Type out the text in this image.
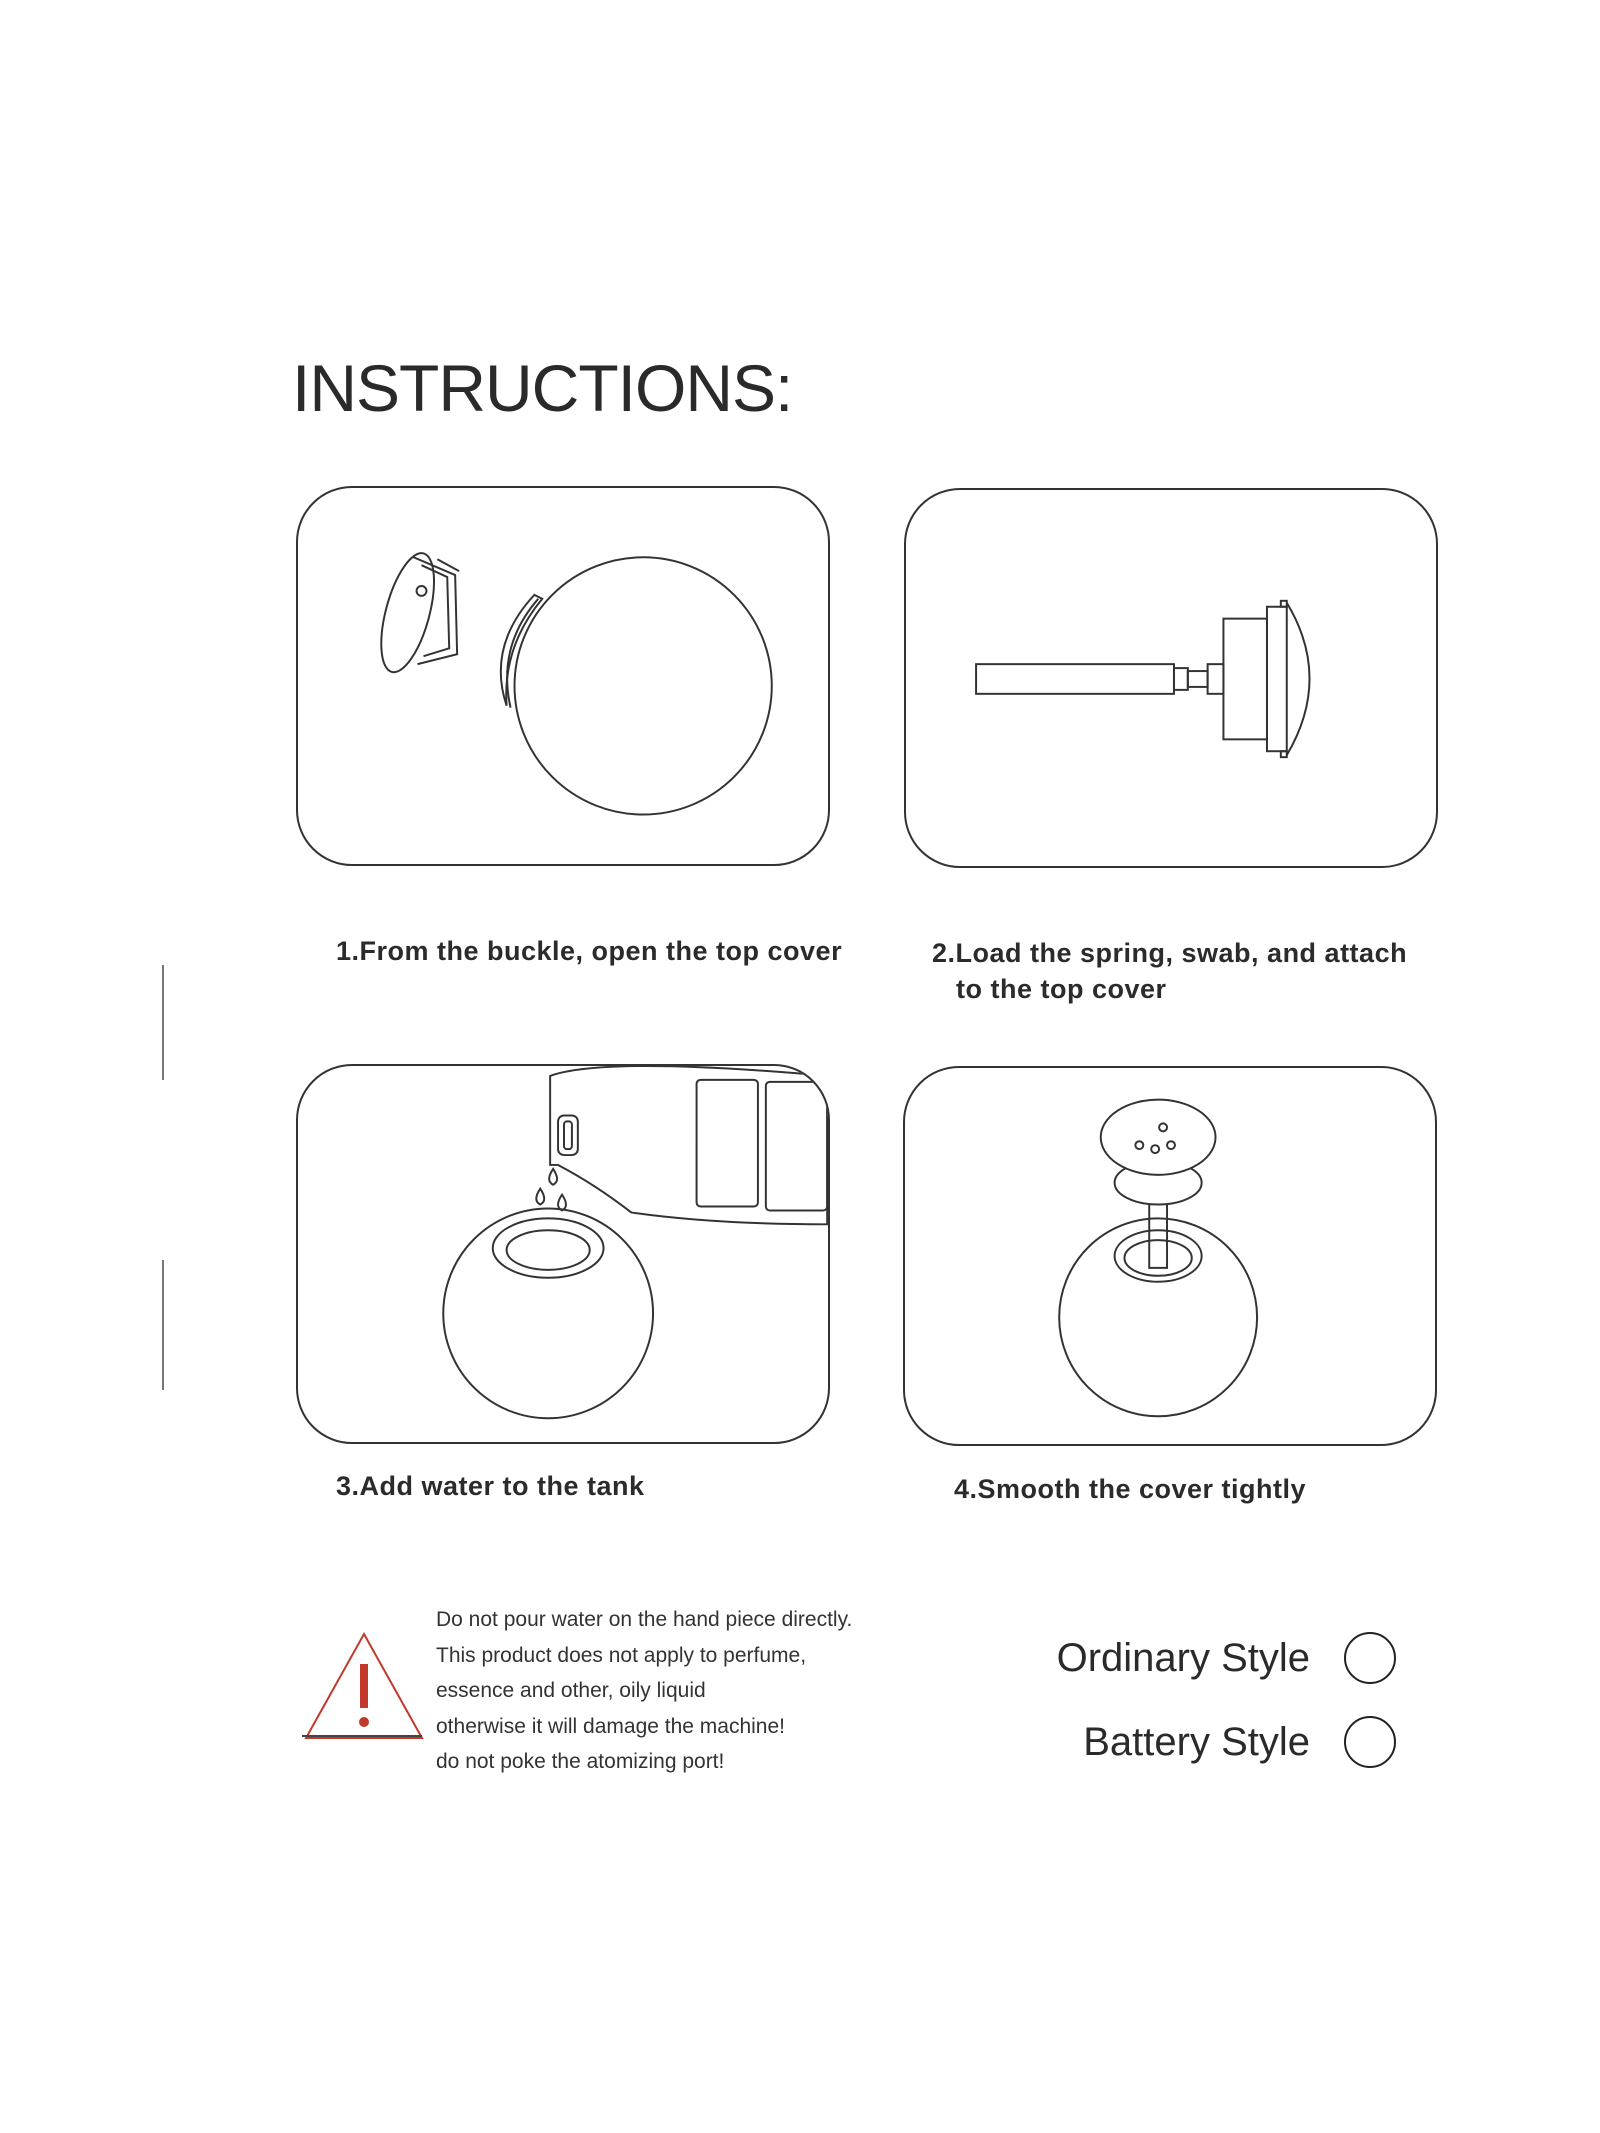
INSTRUCTIONS:
1.From the buckle, open the top cover	2.Load the spring, swab, and attach
to the top cover
3.Add water to the tank	4.Smooth the cover tightly
Do not pour water on the hand piece directly.
This product does not apply to perfume,
essence and other, oily liquid
otherwise it will damage the machine!
do not poke the atomizing port!
Ordinary Style
Battery Style
